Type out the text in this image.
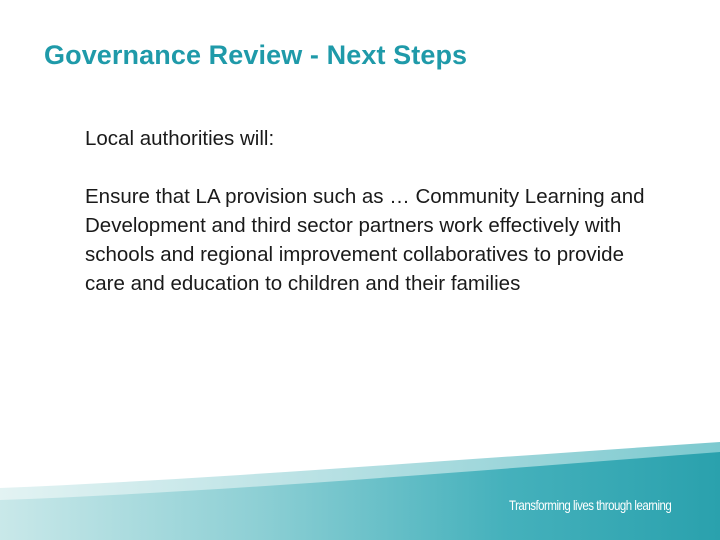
Governance Review - Next Steps

Local authorities will:

Ensure that LA provision such as … Community Learning and Development and third sector partners work effectively with schools and regional improvement collaboratives to provide care and education to children and their families

Transforming lives through learning
